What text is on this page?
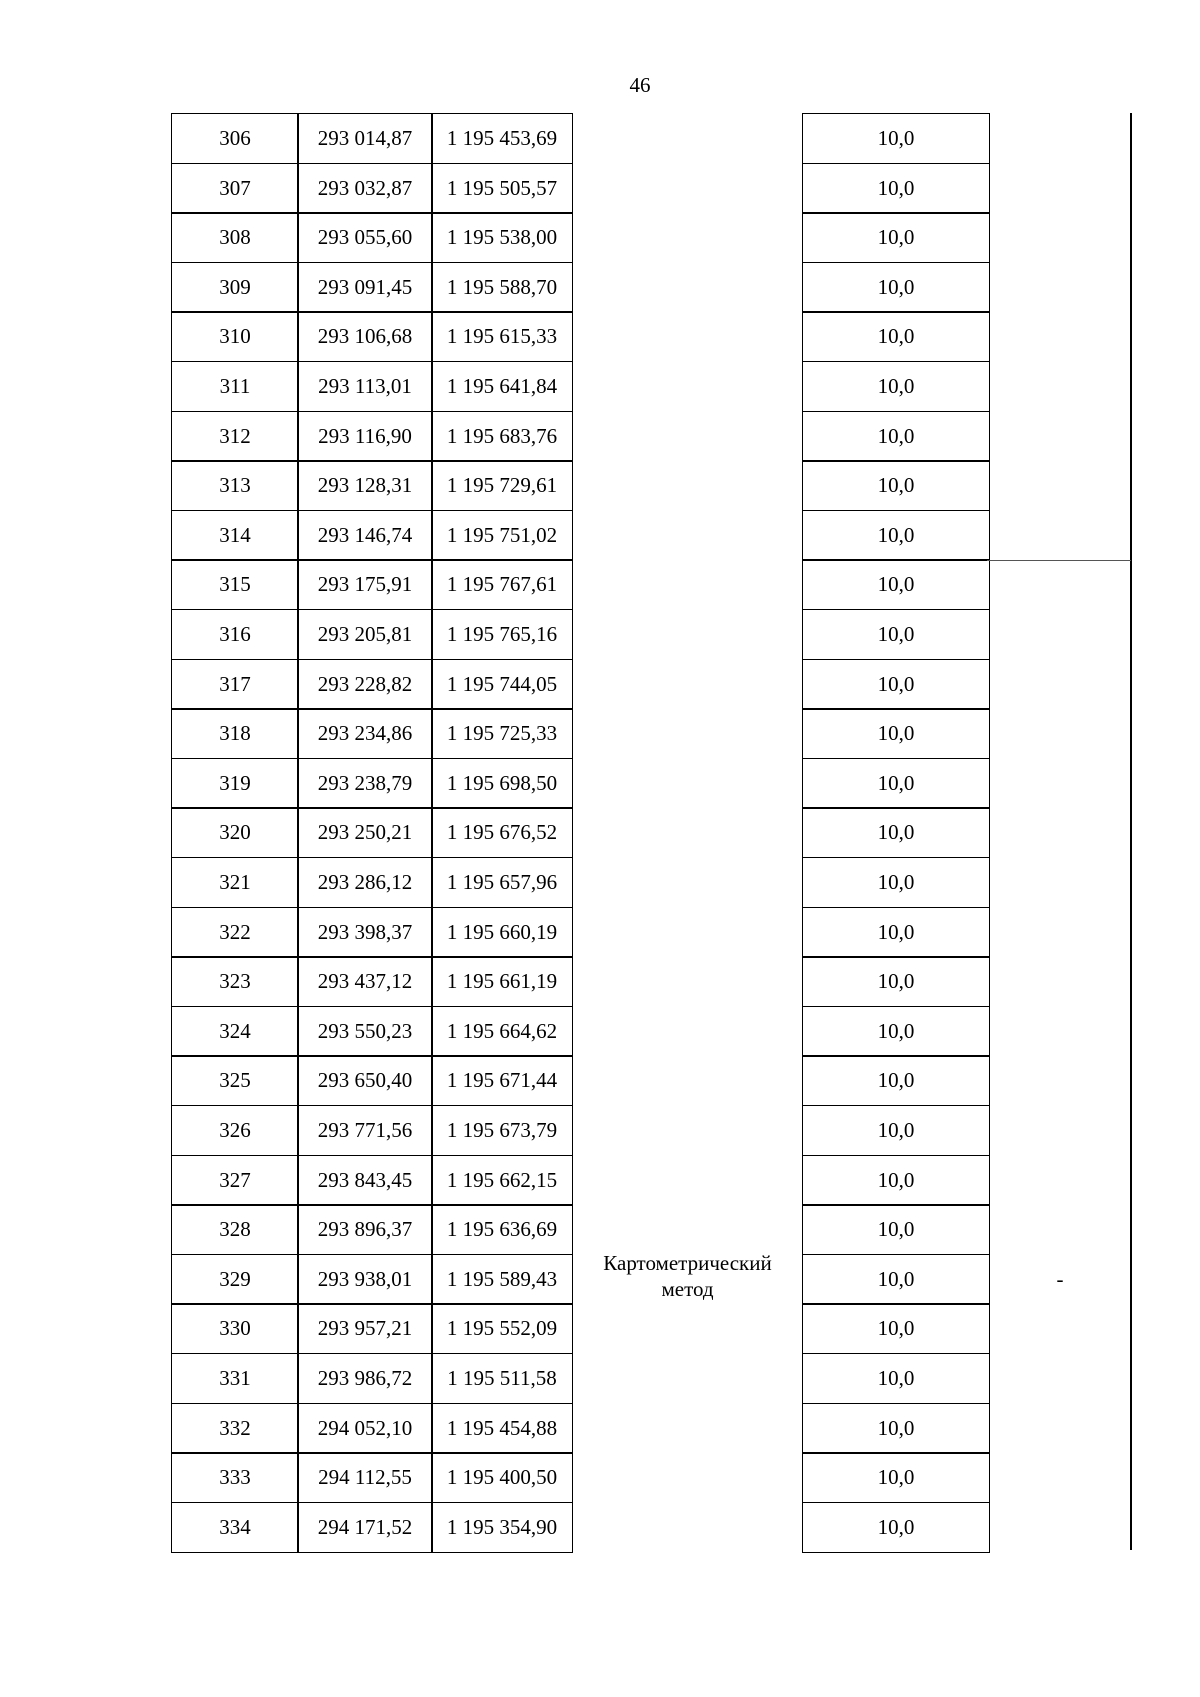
46
306	293 014,87	1 195 453,69	10,0
307	293 032,87	1 195 505,57	10,0
308	293 055,60	1 195 538,00	10,0
309	293 091,45	1 195 588,70	10,0
310	293 106,68	1 195 615,33	10,0
311	293 113,01	1 195 641,84	10,0
312	293 116,90	1 195 683,76	10,0
313	293 128,31	1 195 729,61	10,0
314	293 146,74	1 195 751,02	10,0
315	293 175,91	1 195 767,61	10,0
316	293 205,81	1 195 765,16	10,0
317	293 228,82	1 195 744,05	10,0
318	293 234,86	1 195 725,33	10,0
319	293 238,79	1 195 698,50	10,0
320	293 250,21	1 195 676,52	10,0
321	293 286,12	1 195 657,96	10,0
322	293 398,37	1 195 660,19	10,0
323	293 437,12	1 195 661,19	10,0
324	293 550,23	1 195 664,62	10,0
325	293 650,40	1 195 671,44	10,0
326	293 771,56	1 195 673,79	10,0
327	293 843,45	1 195 662,15	10,0
328	293 896,37	1 195 636,69	10,0
329	293 938,01	1 195 589,43	10,0
330	293 957,21	1 195 552,09	10,0
331	293 986,72	1 195 511,58	10,0
332	294 052,10	1 195 454,88	10,0
333	294 112,55	1 195 400,50	10,0
334	294 171,52	1 195 354,90	10,0
Картометрический метод	-
